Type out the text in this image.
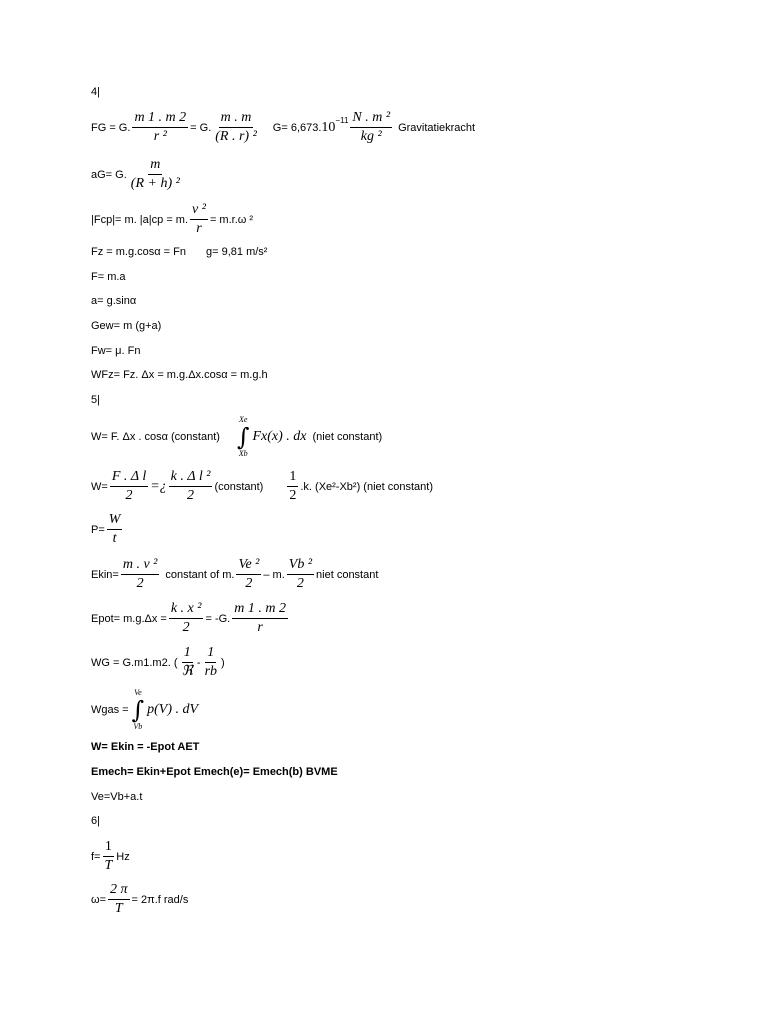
4|
FG = G. $\frac{m 1 . m 2}{\text{r ²}} = G$. $\frac{m . m}{\text{(R . r) ²}} G= 6,673$. $10^{-11} \frac{\text{N . m ²}}{\text{kg ²}}$ Gravitatiekracht
aG= G. $\frac{m}{\text{(R + h) ²}}$
|Fcp|= m. |a|cp = m. $\frac{\text{v ²}}{r} = m.r.\omega$ ²
Fz = m.g.cosα = Fn g= 9,81 m/s²
F= m.a
a= g.sinα
Gew= m (g+a)
Fw= μ. Fn
WFz= Fz. Δx = m.g.Δx.cosα = m.g.h
5|
W= F. Δx . cosα (constant)
Xe
∫
Xb
Fx(x) . dx (niet constant)
$W= \frac{\text{F . Δ l}}{2}$ =¿ $\frac{\text{k . Δ l ²}}{2}$ (constant) $\frac{1}{2} .k$. (Xe²-Xb²) (niet constant)
$P= \frac{W}{t}$
Ekin= $\frac{\text{m . v ²}}{2}$ constant of m. $\frac{\text{Ve ²}}{2}$ – m. $\frac{\text{Vb ²}}{2}$ niet constant
Epot= $m.g.\Delta x = \frac{\text{k . x ²}}{2} = -G$. $\frac{m 1 . m 2}{r}$
WG = G.m1.m2. ( $\frac{1}{\text{ℜ}} - \frac{1}{rb}$ )
Wgas =
Ve
∫
Vb
p(V) . dV
W= Ekin = -Epot AET
Emech= Ekin+Epot Emech(e)= Emech(b) BVME
Ve=Vb+a.t
6|
$f= \frac{1}{T}$ Hz
$\omega= \frac{2 \pi}{T} = 2\pi.f$ rad/s
